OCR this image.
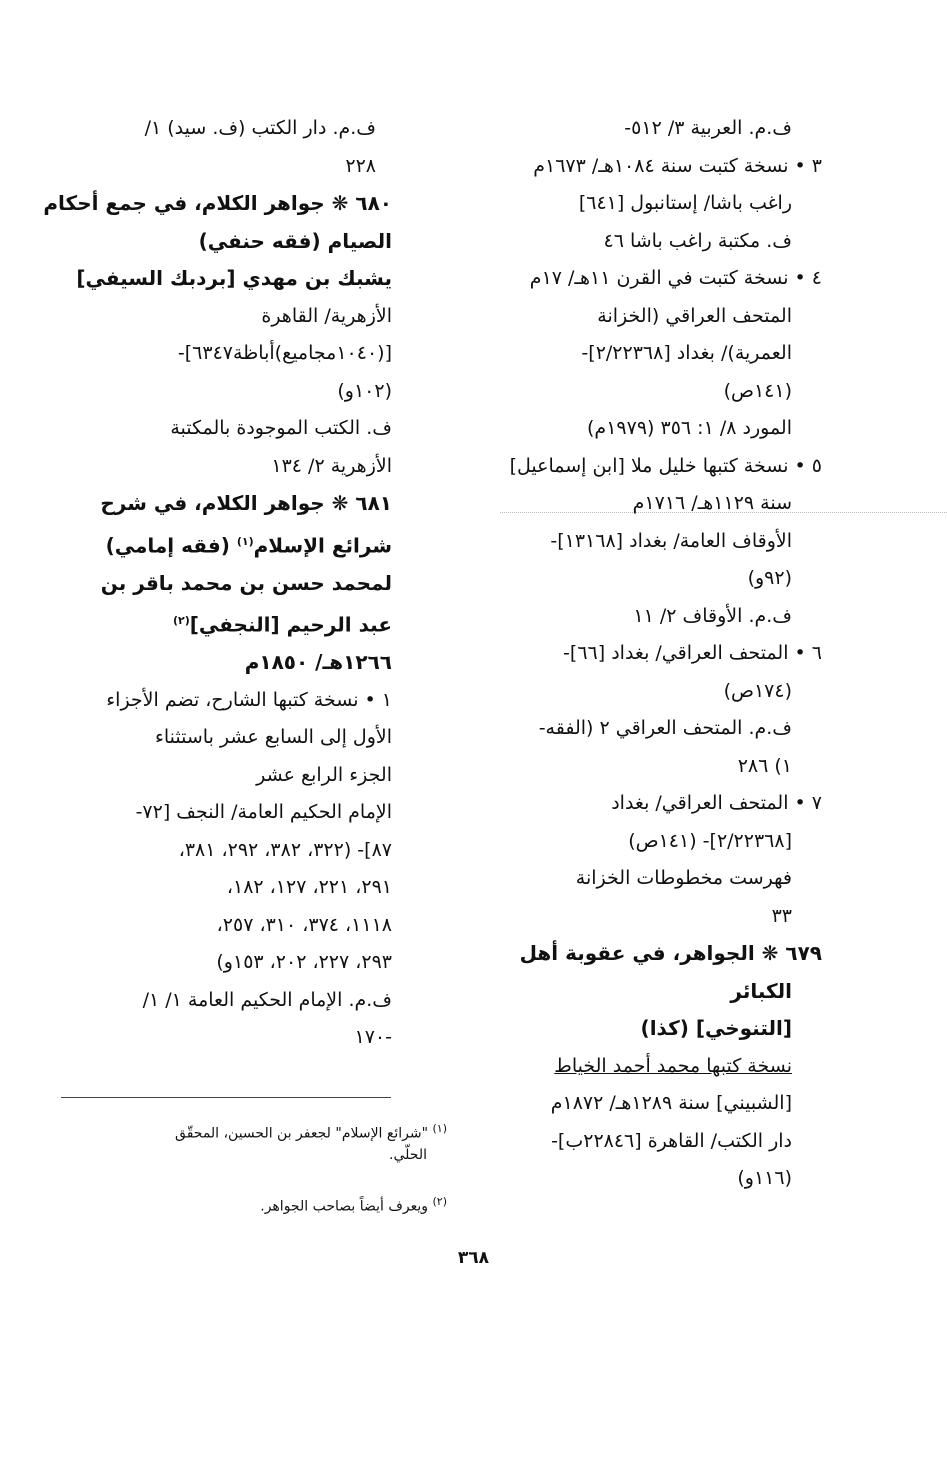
ف.م. العربية ٣/ ٥١٢-
٣ • نسخة كتبت سنة ١٠٨٤هـ/ ١٦٧٣م
راغب باشا/ إستانبول [٦٤١]
ف. مكتبة راغب باشا ٤٦
٤ • نسخة كتبت في القرن ١١هـ/ ١٧م
المتحف العراقي (الخزانة
العمرية)/ بغداد [٢/٢٢٣٦٨]-
(١٤١ص)
المورد ٨/ ١: ٣٥٦ (١٩٧٩م)
٥ • نسخة كتبها خليل ملا [ابن إسماعيل]
سنة ١١٢٩هـ/ ١٧١٦م
الأوقاف العامة/ بغداد [١٣١٦٨]-
(٩٢و)
ف.م. الأوقاف ٢/ ١١
٦ • المتحف العراقي/ بغداد [٦٦]-
(١٧٤ص)
ف.م. المتحف العراقي ٢ (الفقه-
١) ٢٨٦
٧ • المتحف العراقي/ بغداد
[٢/٢٢٣٦٨]- (١٤١ص)
فهرست مخطوطات الخزانة
٣٣
٦٧٩ ❋ الجواهر، في عقوبة أهل
الكبائر
[التنوخي] (كذا)
نسخة كتبها محمد أحمد الخياط
[الشبيني] سنة ١٢٨٩هـ/ ١٨٧٢م
دار الكتب/ القاهرة [٢٢٨٤٦ب]-
(١١٦و)
ف.م. دار الكتب (ف. سيد) ١/
٢٢٨
٦٨٠ ❋ جواهر الكلام، في جمع أحكام
الصيام (فقه حنفي)
يشبك بن مهدي [بردبك السيفي]
الأزهرية/ القاهرة
[(١٠٤٠مجاميع)أباظة٦٣٤٧]-
(١٠٢و)
ف. الكتب الموجودة بالمكتبة
الأزهرية ٢/ ١٣٤
٦٨١ ❋ جواهر الكلام، في شرح
شرائع الإسلام$^{(١)}$ (فقه إمامي)
لمحمد حسن بن محمد باقر بن
عبد الرحيم [النجفي]$^{(٢)}$
١٢٦٦هـ/ ١٨٥٠م
١ • نسخة كتبها الشارح، تضم الأجزاء
الأول إلى السابع عشر باستثناء
الجزء الرابع عشر
الإمام الحكيم العامة/ النجف [٧٢-
٨٧]- (٣٢٢، ٣٨٢، ٢٩٢، ٣٨١،
٢٩١، ٢٢١، ١٢٧، ١٨٢،
١١١٨، ٣٧٤، ٣١٠، ٢٥٧،
٢٩٣، ٢٢٧، ٢٠٢، ١٥٣و)
ف.م. الإمام الحكيم العامة ١/ ١/
-١٧٠
$^{(١)}$ "شرائع الإسلام" لجعفر بن الحسين، المحقّق
الحلّي.
$^{(٢)}$ ويعرف أيضاً بصاحب الجواهر.
٣٦٨
